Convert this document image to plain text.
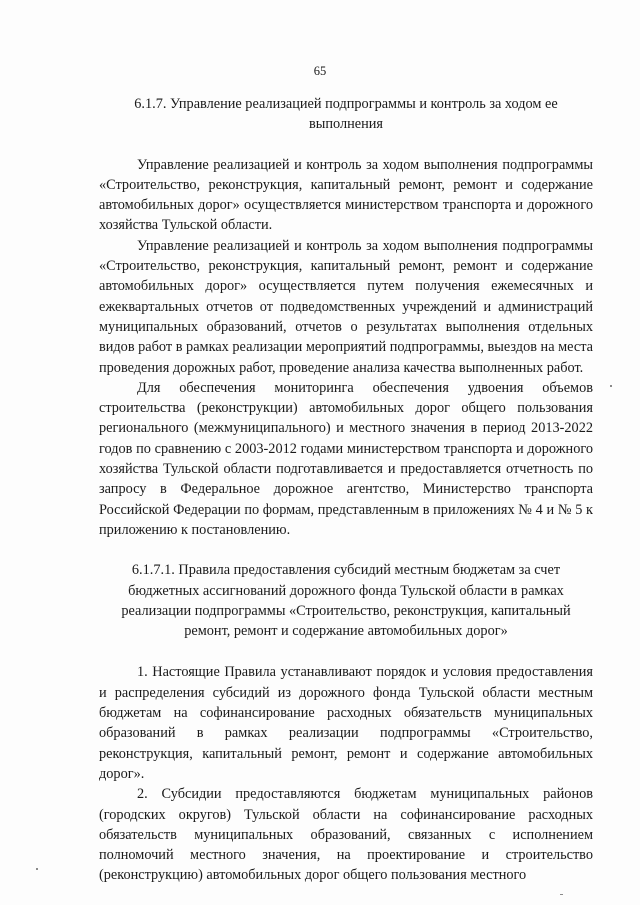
65

6.1.7. Управление реализацией подпрограммы и контроль за ходом ее выполнения

Управление реализацией и контроль за ходом выполнения подпрограммы «Строительство, реконструкция, капитальный ремонт, ремонт и содержание автомобильных дорог» осуществляется министерством транспорта и дорожного хозяйства Тульской области.

Управление реализацией и контроль за ходом выполнения подпрограммы «Строительство, реконструкция, капитальный ремонт, ремонт и содержание автомобильных дорог» осуществляется путем получения ежемесячных и ежеквартальных отчетов от подведомственных учреждений и администраций муниципальных образований, отчетов о результатах выполнения отдельных видов работ в рамках реализации мероприятий подпрограммы, выездов на места проведения дорожных работ, проведение анализа качества выполненных работ.

Для обеспечения мониторинга обеспечения удвоения объемов строительства (реконструкции) автомобильных дорог общего пользования регионального (межмуниципального) и местного значения в период 2013-2022 годов по сравнению с 2003-2012 годами министерством транспорта и дорожного хозяйства Тульской области подготавливается и предоставляется отчетность по запросу в Федеральное дорожное агентство, Министерство транспорта Российской Федерации по формам, представленным в приложениях № 4 и № 5 к приложению к постановлению.

6.1.7.1. Правила предоставления субсидий местным бюджетам за счет бюджетных ассигнований дорожного фонда Тульской области в рамках реализации подпрограммы «Строительство, реконструкция, капитальный ремонт, ремонт и содержание автомобильных дорог»

1. Настоящие Правила устанавливают порядок и условия предоставления и распределения субсидий из дорожного фонда Тульской области местным бюджетам на софинансирование расходных обязательств муниципальных образований в рамках реализации подпрограммы «Строительство, реконструкция, капитальный ремонт, ремонт и содержание автомобильных дорог».

2. Субсидии предоставляются бюджетам муниципальных районов (городских округов) Тульской области на софинансирование расходных обязательств муниципальных образований, связанных с исполнением полномочий местного значения, на проектирование и строительство (реконструкцию) автомобильных дорог общего пользования местного
